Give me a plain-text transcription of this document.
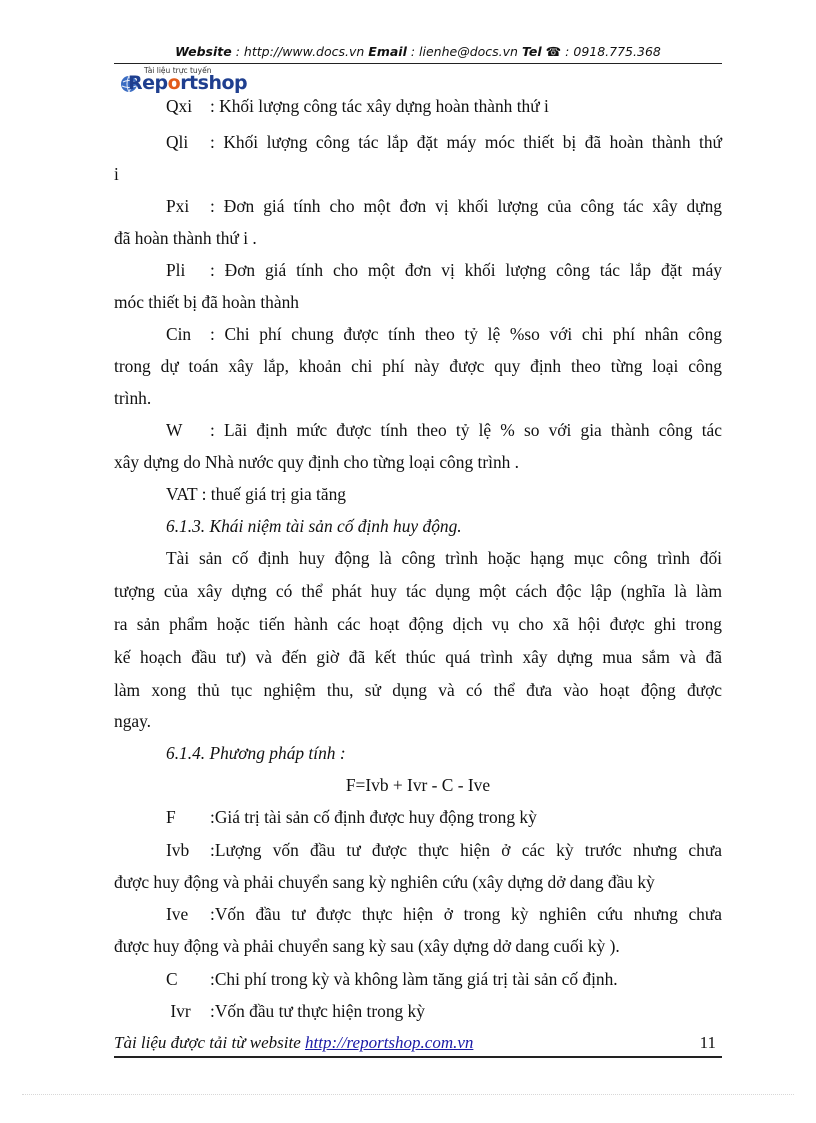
Website : http://www.docs.vn Email : lienhe@docs.vn Tel ☎ : 0918.775.368
Tài liệu trực tuyến
Reportshop
Qxi : Khối lượng công tác xây dựng hoàn thành thứ i
Qli : Khối lượng công tác lắp đặt máy móc thiết bị đã hoàn thành thứ
i
Pxi : Đơn giá tính cho một đơn vị khối lượng của công tác xây dựng
đã hoàn thành thứ i .
Pli : Đơn giá tính cho một đơn vị khối lượng công tác lắp đặt máy
móc thiết bị đã hoàn thành
Cin : Chi phí chung được tính theo tỷ lệ %so với chi phí nhân công
trong dự toán xây lắp, khoản chi phí này được quy định theo từng loại công
trình.
W : Lãi định mức được tính theo tỷ lệ % so với gia thành công tác
xây dựng do Nhà nước quy định cho từng loại công trình .
VAT : thuế giá trị gia tăng
6.1.3. Khái niệm tài sản cố định huy động.
Tài sản cố định huy động là công trình hoặc hạng mục công trình đối
tượng của xây dựng có thể phát huy tác dụng một cách độc lập (nghĩa là làm
ra sản phẩm hoặc tiến hành các hoạt động dịch vụ cho xã hội được ghi trong
kế hoạch đầu tư) và đến giờ đã kết thúc quá trình xây dựng mua sắm và đã
làm xong thủ tục nghiệm thu, sử dụng và có thể đưa vào hoạt động được
ngay.
6.1.4. Phương pháp tính :
F=Ivb + Ivr - C - Ive
F :Giá trị tài sản cố định được huy động trong kỳ
Ivb :Lượng vốn đầu tư được thực hiện ở các kỳ trước nhưng chưa
được huy động và phải chuyển sang kỳ nghiên cứu (xây dựng dở dang đầu kỳ
Ive :Vốn đầu tư được thực hiện ở trong kỳ nghiên cứu nhưng chưa
được huy động và phải chuyển sang kỳ sau (xây dựng dở dang cuối kỳ ).
C :Chi phí trong kỳ và không làm tăng giá trị tài sản cố định.
Ivr :Vốn đầu tư thực hiện trong kỳ
Tài liệu được tải từ website http://reportshop.com.vn	11
